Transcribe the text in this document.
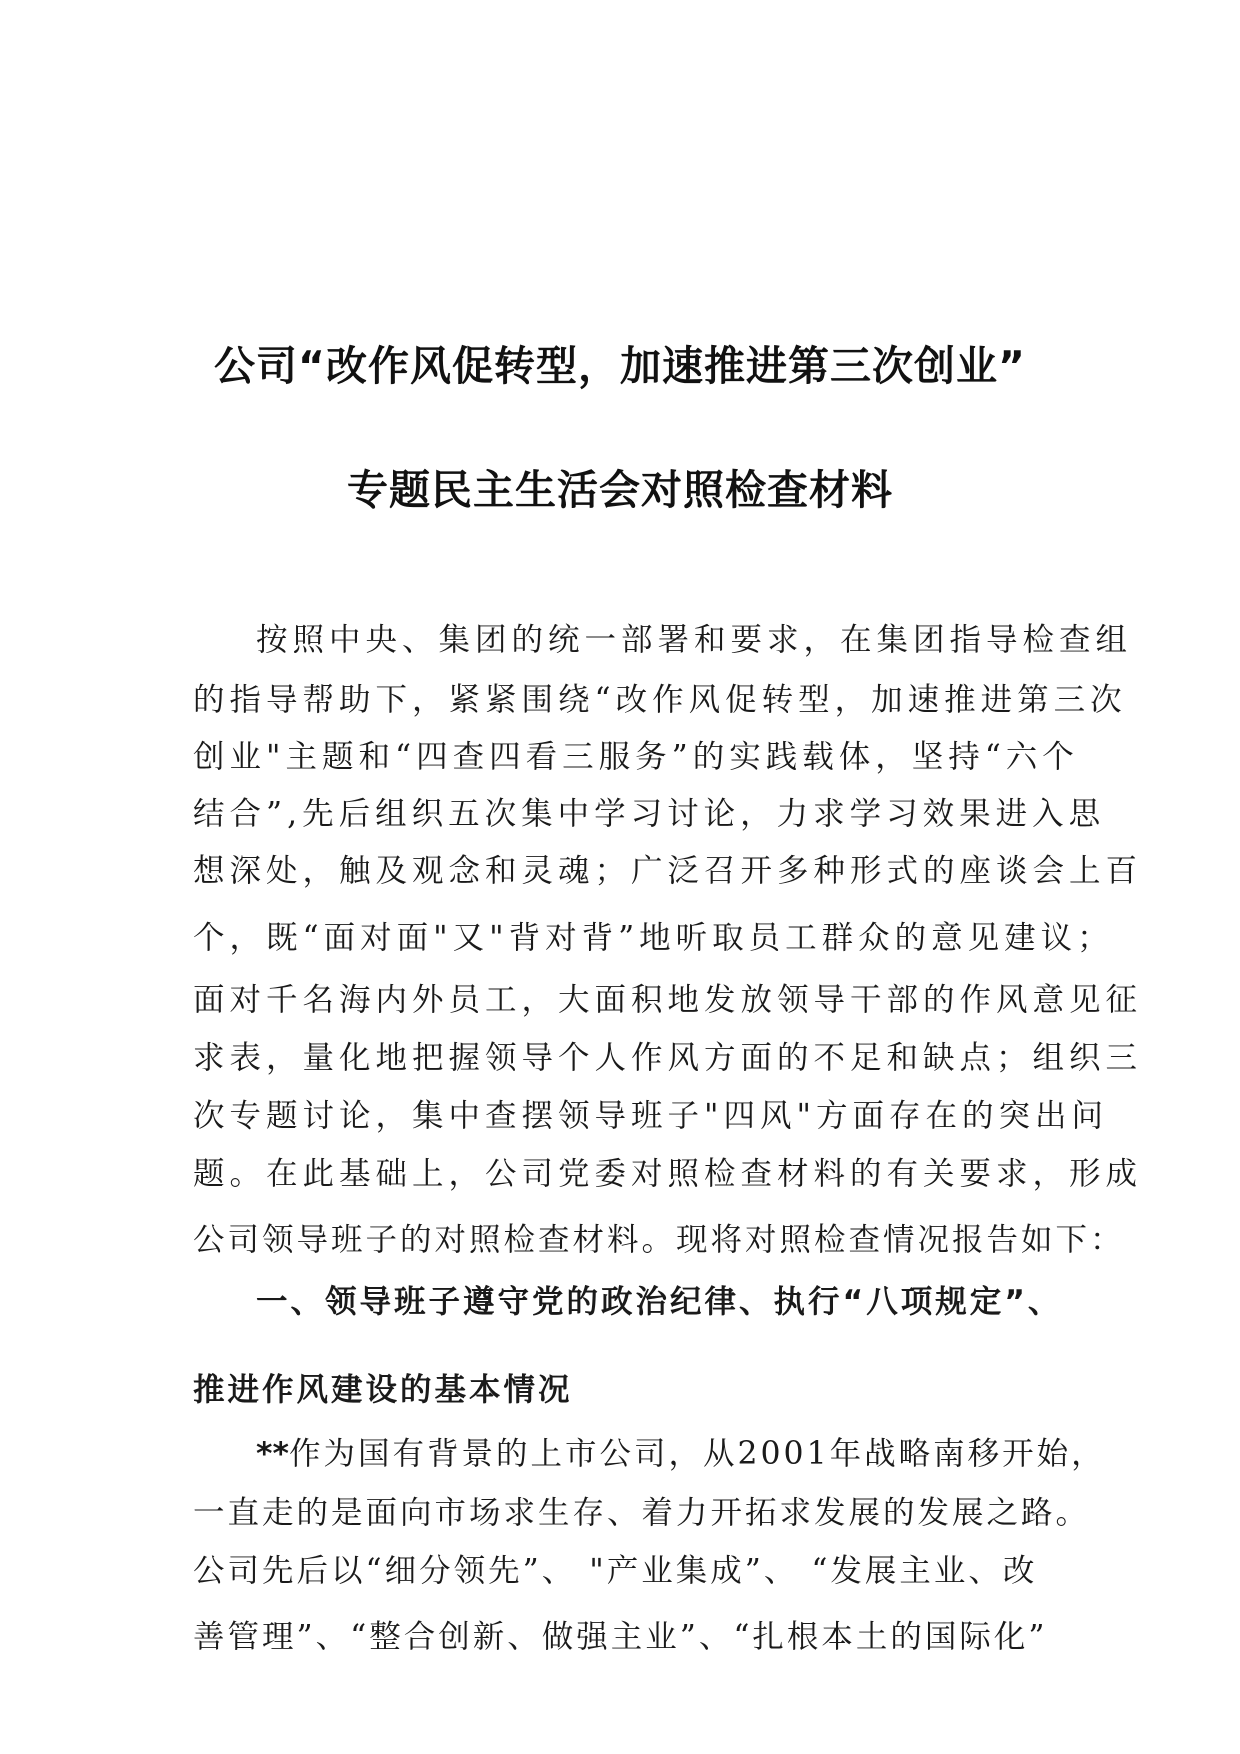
公司“改作风促转型，加速推进第三次创业”
专题民主生活会对照检查材料
按照中央、集团的统一部署和要求，在集团指导检查组
的指导帮助下，紧紧围绕“改作风促转型，加速推进第三次
创业"主题和“四查四看三服务”的实践载体，坚持“六个
结合”,先后组织五次集中学习讨论，力求学习效果进入思
想深处，触及观念和灵魂；广泛召开多种形式的座谈会上百
个，既“面对面"又"背对背”地听取员工群众的意见建议；
面对千名海内外员工，大面积地发放领导干部的作风意见征
求表，量化地把握领导个人作风方面的不足和缺点；组织三
次专题讨论，集中查摆领导班子"四风"方面存在的突出问
题。在此基础上，公司党委对照检查材料的有关要求，形成
公司领导班子的对照检查材料。现将对照检查情况报告如下：
一、领导班子遵守党的政治纪律、执行“八项规定”、
推进作风建设的基本情况
**作为国有背景的上市公司，从2001年战略南移开始，
一直走的是面向市场求生存、着力开拓求发展的发展之路。
公司先后以“细分领先”、 "产业集成”、 “发展主业、改
善管理”、“整合创新、做强主业”、“扎根本土的国际化”
